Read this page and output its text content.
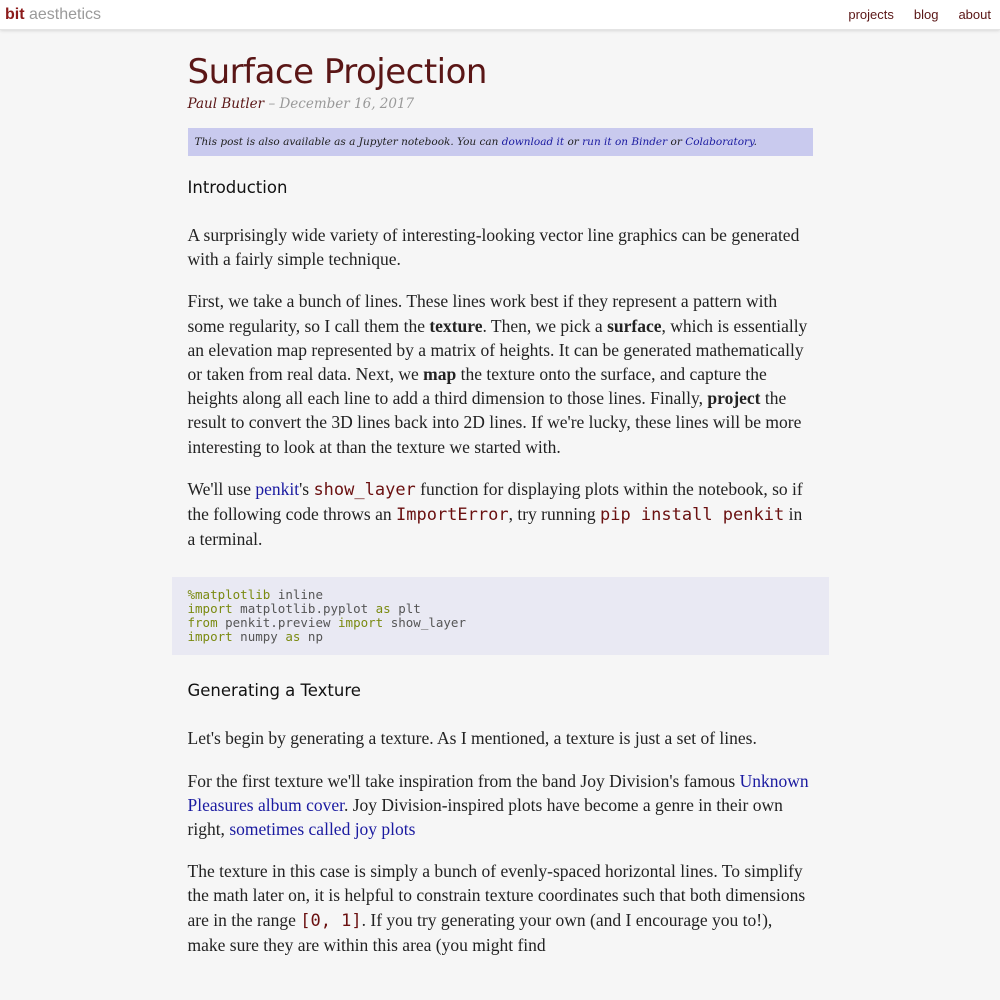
bit aesthetics	projects blog about
Surface Projection
Paul Butler – December 16, 2017
This post is also available as a Jupyter notebook. You can download it or run it on Binder or Colaboratory.
Introduction

A surprisingly wide variety of interesting-looking vector line graphics can be generated with a fairly simple technique.

First, we take a bunch of lines. These lines work best if they represent a pattern with some regularity, so I call them the texture. Then, we pick a surface, which is essentially an elevation map represented by a matrix of heights. It can be generated mathematically or taken from real data. Next, we map the texture onto the surface, and capture the heights along all each line to add a third dimension to those lines. Finally, project the result to convert the 3D lines back into 2D lines. If we're lucky, these lines will be more interesting to look at than the texture we started with.

We'll use penkit's show_layer function for displaying plots within the notebook, so if the following code throws an ImportError, try running pip install penkit in a terminal.

%matplotlib inline
import matplotlib.pyplot as plt
from penkit.preview import show_layer
import numpy as np
Generating a Texture

Let's begin by generating a texture. As I mentioned, a texture is just a set of lines.

For the first texture we'll take inspiration from the band Joy Division's famous Unknown Pleasures album cover. Joy Division-inspired plots have become a genre in their own right, sometimes called joy plots

The texture in this case is simply a bunch of evenly-spaced horizontal lines. To simplify the math later on, it is helpful to constrain texture coordinates such that both dimensions are in the range [0, 1]. If you try generating your own (and I encourage you to!), make sure they are within this area (you might find
